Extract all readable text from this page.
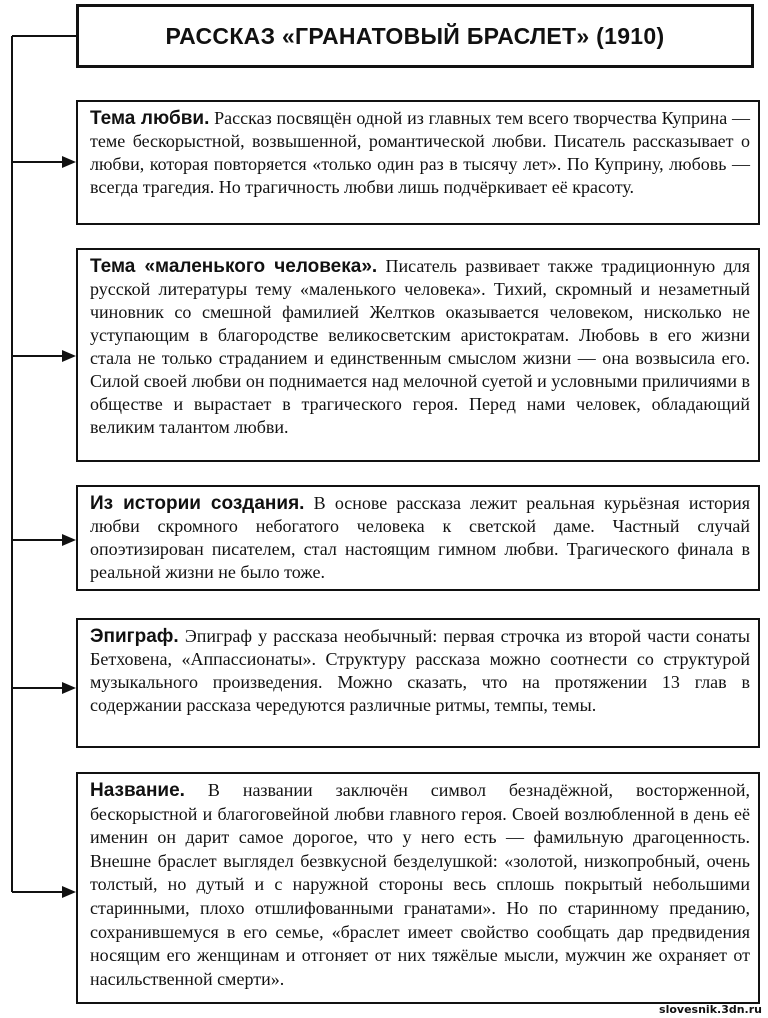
РАССКАЗ «ГРАНАТОВЫЙ БРАСЛЕТ» (1910)
Тема любви. Рассказ посвящён одной из главных тем всего творчества Куприна — теме бескорыстной, возвышенной, романтической любви. Писатель рассказывает о любви, которая повторяется «только один раз в тысячу лет». По Куприну, любовь — всегда трагедия. Но трагичность любви лишь подчёркивает её красоту.
Тема «маленького человека». Писатель развивает также традиционную для русской литературы тему «маленького человека». Тихий, скромный и незаметный чиновник со смешной фамилией Желтков оказывается человеком, нисколько не уступающим в благородстве великосветским аристократам. Любовь в его жизни стала не только страданием и единственным смыслом жизни — она возвысила его. Силой своей любви он поднимается над мелочной суетой и условными приличиями в обществе и вырастает в трагического героя. Перед нами человек, обладающий великим талантом любви.
Из истории создания. В основе рассказа лежит реальная курьёзная история любви скромного небогатого человека к светской даме. Частный случай опоэтизирован писателем, стал настоящим гимном любви. Трагического финала в реальной жизни не было тоже.
Эпиграф. Эпиграф у рассказа необычный: первая строчка из второй части сонаты Бетховена, «Аппассионаты». Структуру рассказа можно соотнести со структурой музыкального произведения. Можно сказать, что на протяжении 13 глав в содержании рассказа чередуются различные ритмы, темпы, темы.
Название. В названии заключён символ безнадёжной, восторженной, бескорыстной и благоговейной любви главного героя. Своей возлюбленной в день её именин он дарит самое дорогое, что у него есть — фамильную драгоценность. Внешне браслет выглядел безвкусной безделушкой: «золотой, низкопробный, очень толстый, но дутый и с наружной стороны весь сплошь покрытый небольшими старинными, плохо отшлифованными гранатами». Но по старинному преданию, сохранившемуся в его семье, «браслет имеет свойство сообщать дар предвидения носящим его женщинам и отгоняет от них тяжёлые мысли, мужчин же охраняет от насильственной смерти».
slovesnik.3dn.ru
